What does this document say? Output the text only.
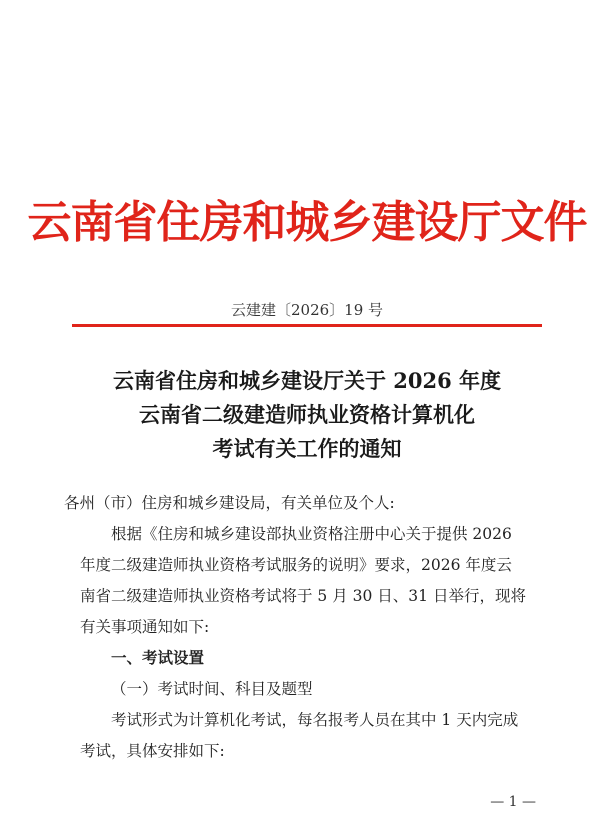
云南省住房和城乡建设厅文件
云建建〔2026〕19 号
云南省住房和城乡建设厅关于 2026 年度
云南省二级建造师执业资格计算机化
考试有关工作的通知
各州（市）住房和城乡建设局，有关单位及个人:
根据《住房和城乡建设部执业资格注册中心关于提供 2026
年度二级建造师执业资格考试服务的说明》要求，2026 年度云
南省二级建造师执业资格考试将于 5 月 30 日、31 日举行，现将
有关事项通知如下:
一、考试设置
（一）考试时间、科目及题型
考试形式为计算机化考试，每名报考人员在其中 1 天内完成
考试，具体安排如下:
— 1 —
